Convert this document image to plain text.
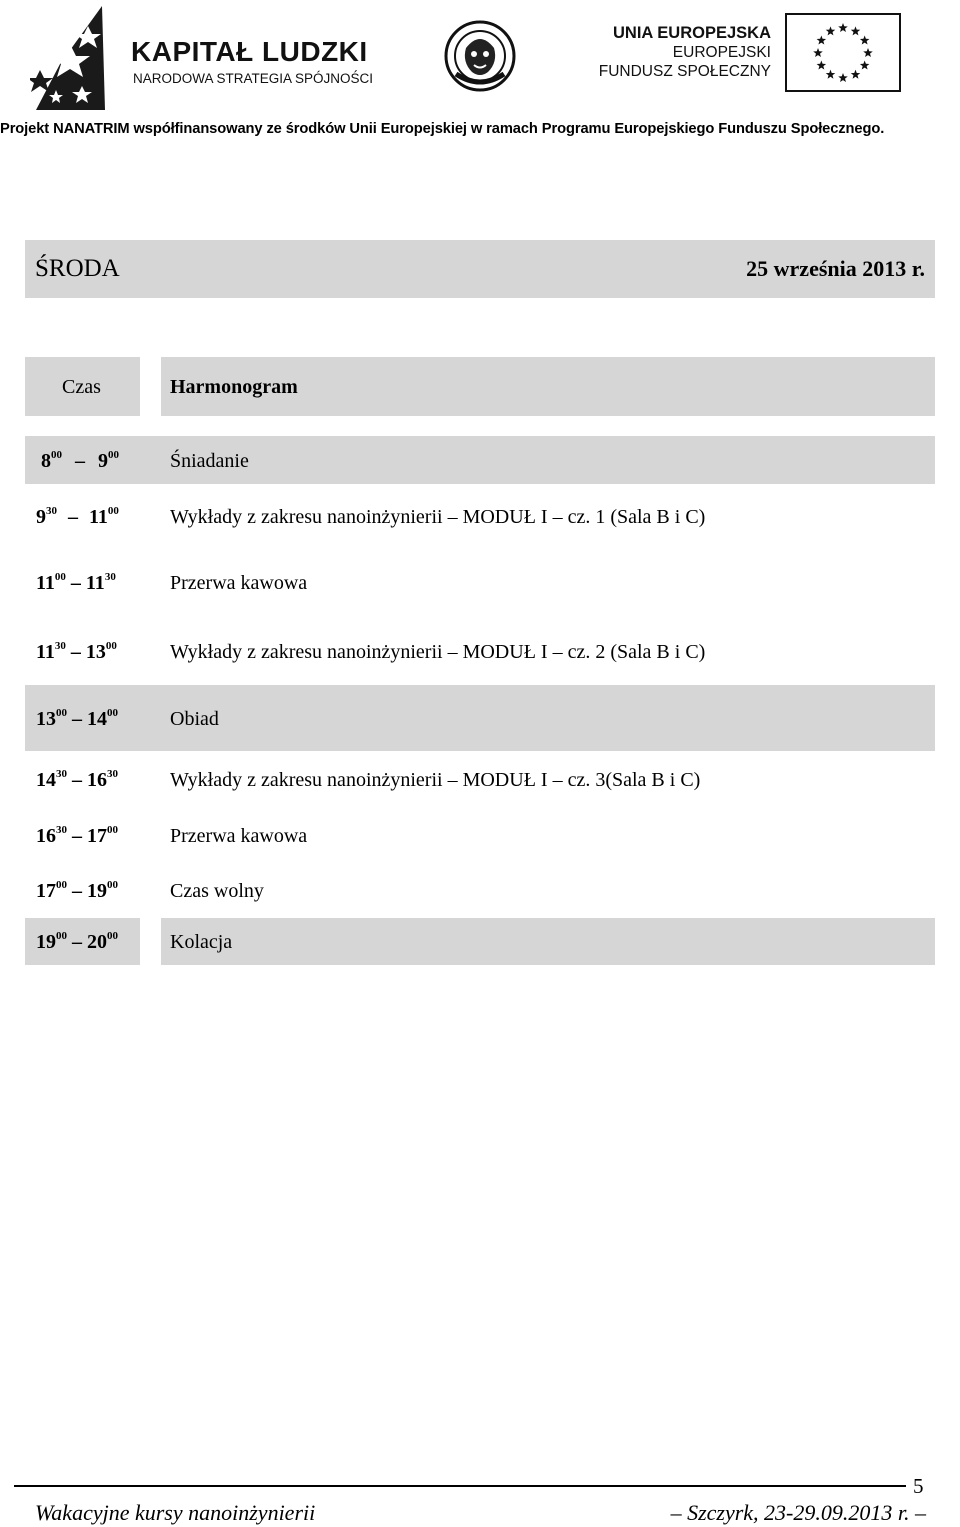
KAPITAŁ LUDZKI
NARODOWA STRATEGIA SPÓJNOŚCI
UNIA EUROPEJSKA
EUROPEJSKI
FUNDUSZ SPOŁECZNY
Projekt NANATRIM współfinansowany ze środków Unii Europejskiej w ramach Programu Europejskiego Funduszu Społecznego.
ŚRODA	25 września 2013 r.
Czas	Harmonogram
$8^{00} - 9^{00}$	Śniadanie
$9^{30} - 11^{00}$	Wykłady z zakresu nanoinżynierii – MODUŁ I – cz. 1 (Sala B i C)
$11^{00} - 11^{30}$	Przerwa kawowa
$11^{30} - 13^{00}$	Wykłady z zakresu nanoinżynierii – MODUŁ I – cz. 2 (Sala B i C)
$13^{00} - 14^{00}$	Obiad
$14^{30} - 16^{30}$	Wykłady z zakresu nanoinżynierii – MODUŁ I – cz. 3(Sala B i C)
$16^{30} - 17^{00}$	Przerwa kawowa
$17^{00} - 19^{00}$	Czas wolny
$19^{00} - 20^{00}$	Kolacja
5
Wakacyjne kursy nanoinżynierii	– Szczyrk, 23-29.09.2013 r. –
